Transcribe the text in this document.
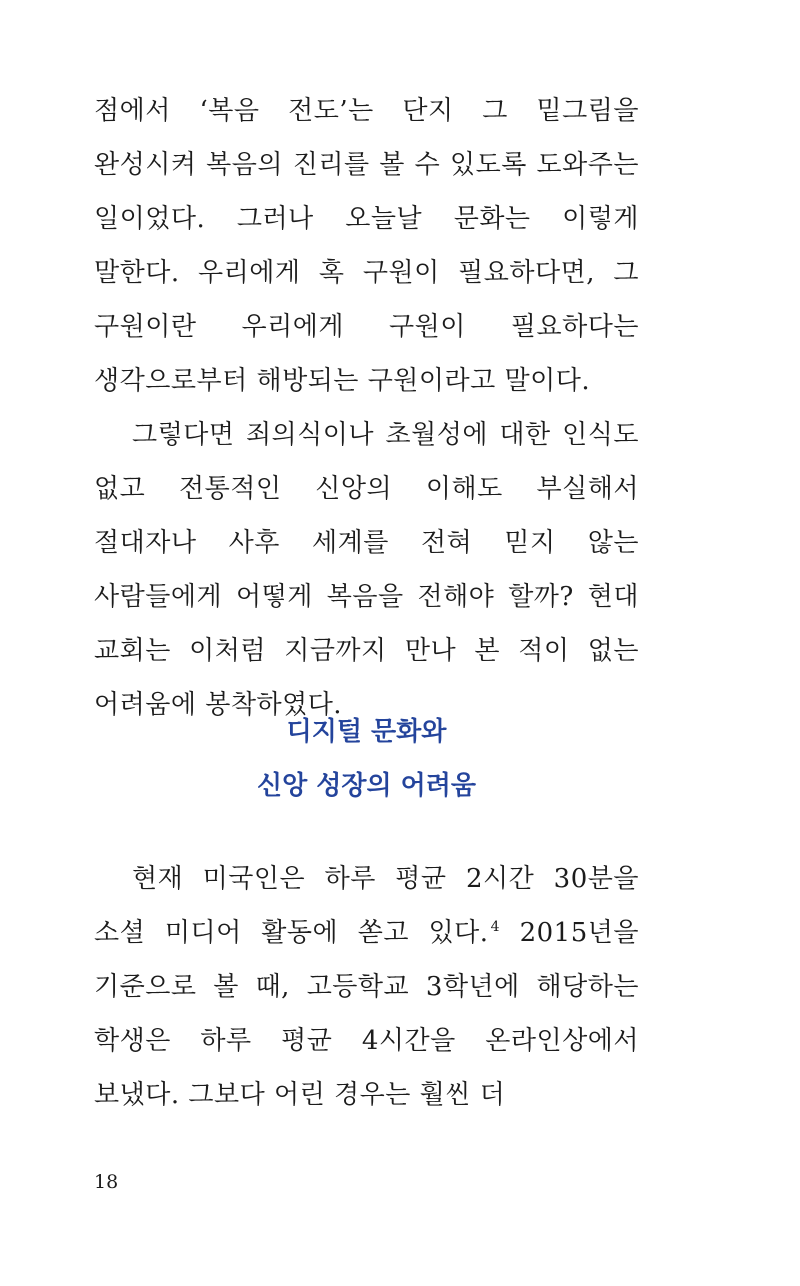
점에서 ‘복음 전도’는 단지 그 밑그림을 완성시켜 복음의 진리를 볼 수 있도록 도와주는 일이었다. 그러나 오늘날 문화는 이렇게 말한다. 우리에게 혹 구원이 필요하다면, 그 구원이란 우리에게 구원이 필요하다는 생각으로부터 해방되는 구원이라고 말이다.

그렇다면 죄의식이나 초월성에 대한 인식도 없고 전통적인 신앙의 이해도 부실해서 절대자나 사후 세계를 전혀 믿지 않는 사람들에게 어떻게 복음을 전해야 할까? 현대 교회는 이처럼 지금까지 만나 본 적이 없는 어려움에 봉착하였다.

디지털 문화와
신앙 성장의 어려움

현재 미국인은 하루 평균 2시간 30분을 소셜 미디어 활동에 쏟고 있다. $^4$ 2015년을 기준으로 볼 때, 고등학교 3학년에 해당하는 학생은 하루 평균 4시간을 온라인상에서 보냈다. 그보다 어린 경우는 훨씬 더

18
